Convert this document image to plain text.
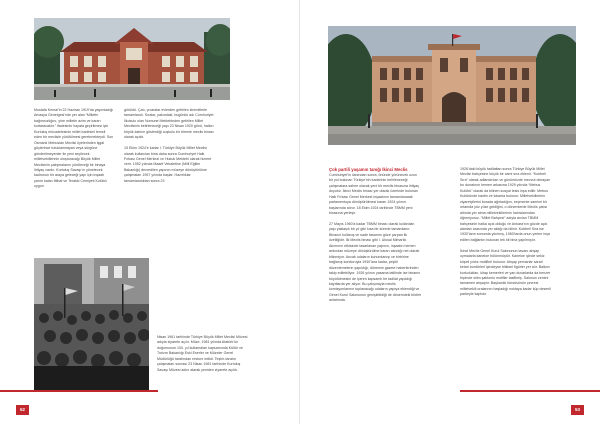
Mustafa Kemal’in 22 Haziran 1919’da yayımladığı Amasya Genelgesi’nde yer alan “Milletin bağımsızlığını, yine milletin azim ve kararı kurtaracaktır.” ifadesinin hayata geçirilmesi için Kurtuluş mücadelesinin millet iradesini temsil eden bir meclisle yürütülmesi gerekmekteydi. Son Osmanlı Mebusları Meclisi üyelerinden işgal güçlerince tutuklanmayan veya sürgüne gönderilmeyenler ile yeni seçilecek milletvekillerinin oluşturacağı Büyük Millet Meclisinin çalışmalarını yürüteceği bir binaya ihtiyaç vardır. Kurtuluş Savaşı’nı yönetecek kadronun bir araya geleceği yapı için inşaatı yarım kalan İttihat ve Terakki Cemiyeti Kulübü uygun

görüldü. Çatı, çıvaralar evlerden getirilen kiremitlerle tamamlandı. Sıralar, yakındaki, bugünkü adı Cumhuriyet İlkokulu olan Numune Mektebinden getirilen Millet Meclisinin belirleneceği yapı 23 Nisan 1920 günü, halkın büyük katılım gösterdiği coşkulu bir törenle meclis binası olarak açıldı.

15 Ekim 1924’e kadar I. Türkiye Büyük Millet Meclisi olarak kullanılan bina daha sonra Cumhuriyet Halk Fırkası Genel Merkezi ve Hukuk Mektebi olarak hizmet verir. 1952 yılında Maarif Vekaletine (Milli Eğitim Bakanlığı) devredilen yapının müzeye dönüştürülme çalışmaları 1957 yılında başlar. Hazırlıklar tamamlandıktan sonra 23

Nisan 1961 tarihinde Türkiye Büyük Millet Meclisi Müzesi adıyla ziyarete açılır. Müze, 1981 yılında Atatürk’ün doğumunun 100. yıl kutlamaları kapsamında Kültür ve Turizm Bakanlığı Eski Eserler ve Müzeler Genel Müdürlüğü tarafından restore edildi. Teşhir-tanzim çalışmaları sonrası 23 Nisan 1981 tarihinde Kurtuluş Savaşı Müzesi adını alarak yeniden ziyarete açıldı.

52
Çok partili yaşamın tanığı İkinci Meclis

Cumhuriyet’in ilanından sonra, önünde yürünecek uzun bir yol bulunan Türkiye’nin kaderinin belirleneceği çalışmalara sahne olacak yeni bir meclis binasına ihtiyaç duyulur. İkinci Meclis binası yer olarak üzerinde bulunan Halk Fırkası Genel Merkezi inşaatının tamamlanarak parlamentoya dönüştürülmesi kararı 1924 yılının başlarında alınır. 18 Ekim 1924 tarihinde TBMM yeni binasına yerleşir.

27 Mayıs 1960’a kadar TBMM binası olarak kullanılan yapı yaklaşık bir yıl gibi kısa bir sürede tamamlanır. Binanın kullanış ve sade tasarımı göze çarpan ilk özelliğidir. İlk Meclis binası gibi I. Ulusal Mimarlık Akımının etkisinde tasarlanan yapının, inşaatın hemen ardından müzeye dönüştürülme kararı alındığı net olarak bilinmiyor. Ancak odaların konumlanışı ve birbirine bağlanış koridoruyla 1930’lara kadar, çeşitli düzenlemelerin yapıldığı, dönemin gazete haberlerinden takip edilebiliyor. 1926 yılının yasama tatilinde ise binanın büyütülmesini de içeren kapsamlı bir tadilat yapıldığı kayıtlarda yer alıyor. Bu çalışmayla meclis komisyonlarının toplanacağı odaların yapıya eklendiği ve Genel Kurul Salonunun genişletildiği de dönemdeki bildirir anlatımda.

1926’daki büyük tadilattan sonra Türkiye Büyük Millet Meclisi bahçesine küçük bir cami sıra eklenir. “Kubbeli Sıra” olarak adlandırılan ve günümüzde mevcut olmayan bu donatının hemen arkasına 1929 yılında “Mebus Kulübü” olarak da bilinen sosyal tesis inşa edilir. Mebus Kulübünde kantin ve lokanta bulunur. Milletvekillerinin ziyaretçilerini burada ağırladığını, seçmente samimi bir ortamda yüz yüze geldiğini, o dönemlerde Meclis çatısı altında yer alma milletvekillerinin hatıralarından öğreniyoruz. “Millet Bahçesi” adıyla anılan TBMM bahçesinin halka açık olduğu ve Ankara’nın gözde açık alanları arasında yer aldığı da bilinir. Kubbeli Sıra ise 1930’ların sonunda yıkılmış, 1960’larda onun yerine inşa edilen bağlantın bulunan tek kit bina yapılmıştır.

İkinci Meclis Genel Kurul Salonunun tavanı ahşap oymalarla kaneloe bölünmüştür. Kaneloe içinde sekiz köşeli yıldız motifleri bulunur. Ahşap pervazlar sarari ketari bordürleri içindeyse bitkisel figürler yer alır. Balkon korkulukları, kitap kemerleri ve yan duvarlarda da benzer biçimde silim şablonlu motifler tasfilmiş. Salonun zemini tamamen ahşaptır. Başkanlık kürsüsünün çevresi milletvekili oralarının başladığı noktaya kadar küp desenli parkeyle kaplıdır.

53
